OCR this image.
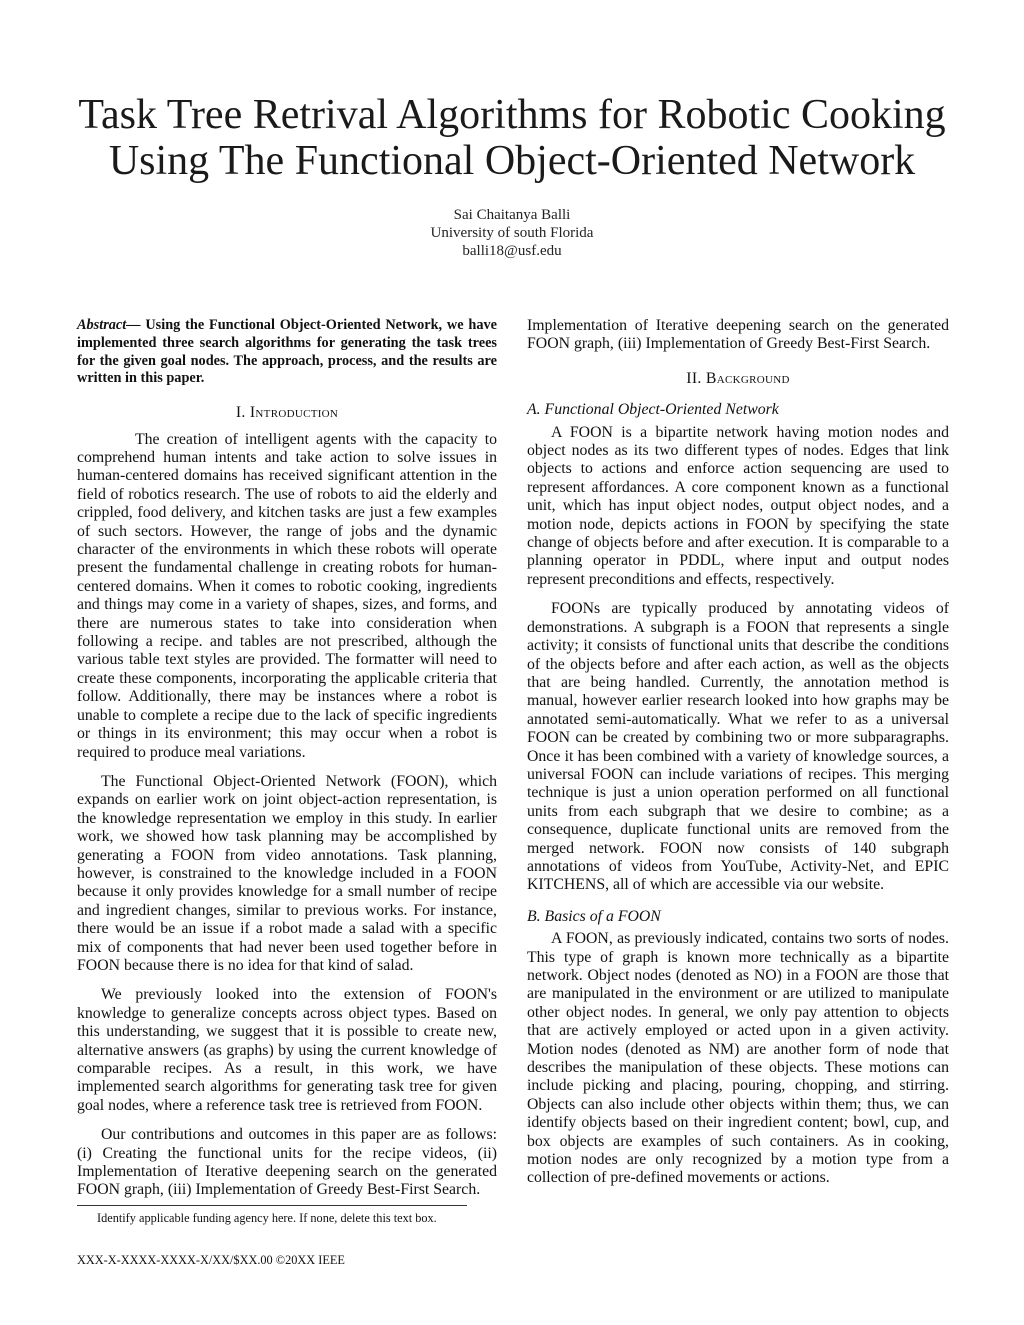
Task Tree Retrival Algorithms for Robotic Cooking
Using The Functional Object-Oriented Network
Sai Chaitanya Balli
University of south Florida
balli18@usf.edu

Abstract— Using the Functional Object-Oriented Network, we have implemented three search algorithms for generating the task trees for the given goal nodes. The approach, process, and the results are written in this paper.

I. Introduction

The creation of intelligent agents with the capacity to comprehend human intents and take action to solve issues in human-centered domains has received significant attention in the field of robotics research. The use of robots to aid the elderly and crippled, food delivery, and kitchen tasks are just a few examples of such sectors. However, the range of jobs and the dynamic character of the environments in which these robots will operate present the fundamental challenge in creating robots for human-centered domains. When it comes to robotic cooking, ingredients and things may come in a variety of shapes, sizes, and forms, and there are numerous states to take into consideration when following a recipe. and tables are not prescribed, although the various table text styles are provided. The formatter will need to create these components, incorporating the applicable criteria that follow. Additionally, there may be instances where a robot is unable to complete a recipe due to the lack of specific ingredients or things in its environment; this may occur when a robot is required to produce meal variations.

The Functional Object-Oriented Network (FOON), which expands on earlier work on joint object-action representation, is the knowledge representation we employ in this study. In earlier work, we showed how task planning may be accomplished by generating a FOON from video annotations. Task planning, however, is constrained to the knowledge included in a FOON because it only provides knowledge for a small number of recipe and ingredient changes, similar to previous works. For instance, there would be an issue if a robot made a salad with a specific mix of components that had never been used together before in FOON because there is no idea for that kind of salad.

We previously looked into the extension of FOON's knowledge to generalize concepts across object types. Based on this understanding, we suggest that it is possible to create new, alternative answers (as graphs) by using the current knowledge of comparable recipes. As a result, in this work, we have implemented search algorithms for generating task tree for given goal nodes, where a reference task tree is retrieved from FOON.

Our contributions and outcomes in this paper are as follows: (i) Creating the functional units for the recipe videos, (ii) Implementation of Iterative deepening search on the generated FOON graph, (iii) Implementation of Greedy Best-First Search.

Implementation of Iterative deepening search on the generated FOON graph, (iii) Implementation of Greedy Best-First Search.

II. Background
A. Functional Object-Oriented Network

A FOON is a bipartite network having motion nodes and object nodes as its two different types of nodes. Edges that link objects to actions and enforce action sequencing are used to represent affordances. A core component known as a functional unit, which has input object nodes, output object nodes, and a motion node, depicts actions in FOON by specifying the state change of objects before and after execution. It is comparable to a planning operator in PDDL, where input and output nodes represent preconditions and effects, respectively.

FOONs are typically produced by annotating videos of demonstrations. A subgraph is a FOON that represents a single activity; it consists of functional units that describe the conditions of the objects before and after each action, as well as the objects that are being handled. Currently, the annotation method is manual, however earlier research looked into how graphs may be annotated semi-automatically. What we refer to as a universal FOON can be created by combining two or more subparagraphs. Once it has been combined with a variety of knowledge sources, a universal FOON can include variations of recipes. This merging technique is just a union operation performed on all functional units from each subgraph that we desire to combine; as a consequence, duplicate functional units are removed from the merged network. FOON now consists of 140 subgraph annotations of videos from YouTube, Activity-Net, and EPIC KITCHENS, all of which are accessible via our website.

B. Basics of a FOON

A FOON, as previously indicated, contains two sorts of nodes. This type of graph is known more technically as a bipartite network. Object nodes (denoted as NO) in a FOON are those that are manipulated in the environment or are utilized to manipulate other object nodes. In general, we only pay attention to objects that are actively employed or acted upon in a given activity. Motion nodes (denoted as NM) are another form of node that describes the manipulation of these objects. These motions can include picking and placing, pouring, chopping, and stirring. Objects can also include other objects within them; thus, we can identify objects based on their ingredient content; bowl, cup, and box objects are examples of such containers. As in cooking, motion nodes are only recognized by a motion type from a collection of pre-defined movements or actions.

Identify applicable funding agency here. If none, delete this text box.
XXX-X-XXXX-XXXX-X/XX/$XX.00 ©20XX IEEE
